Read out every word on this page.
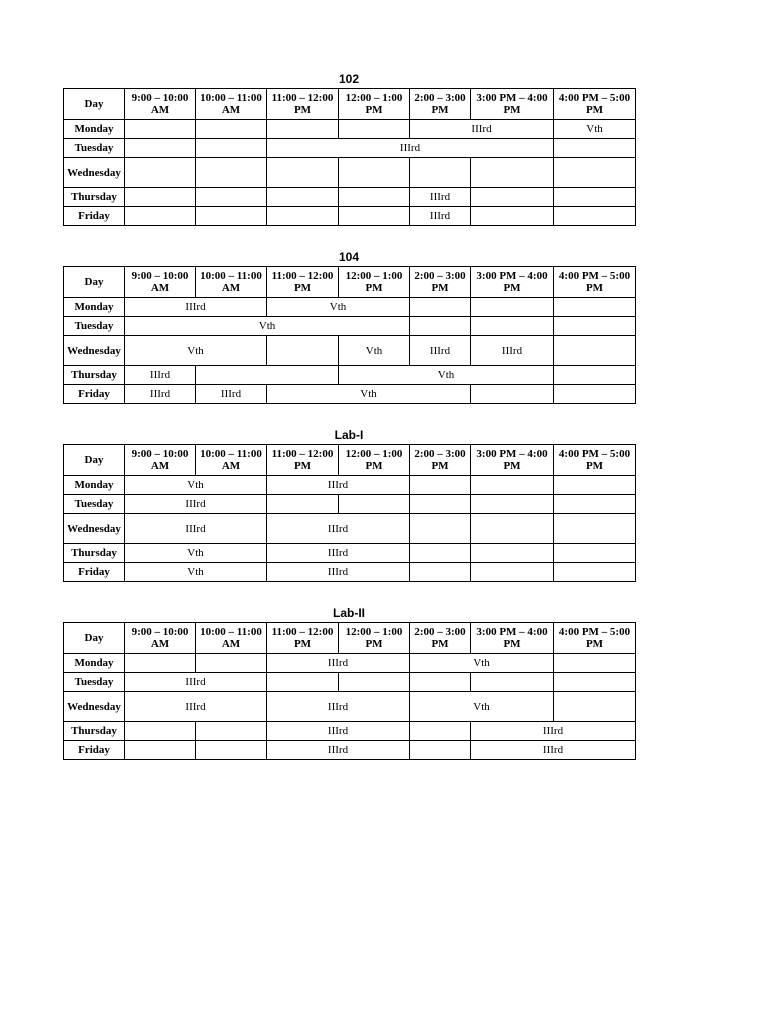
102
Day	9:00 – 10:00 AM	10:00 – 11:00 AM	11:00 – 12:00 PM	12:00 – 1:00 PM	2:00 – 3:00 PM	3:00 PM – 4:00 PM	4:00 PM – 5:00 PM
Monday					IIIrd		Vth
Tuesday			IIIrd				
Wednesday							
Thursday					IIIrd		
Friday					IIIrd		
104
Day	9:00 – 10:00 AM	10:00 – 11:00 AM	11:00 – 12:00 PM	12:00 – 1:00 PM	2:00 – 3:00 PM	3:00 PM – 4:00 PM	4:00 PM – 5:00 PM
Monday	IIIrd		Vth				
Tuesday	Vth						
Wednesday	Vth			Vth	IIIrd	IIIrd	
Thursday	IIIrd			Vth			
Friday	IIIrd	IIIrd	Vth				
Lab-I
Day	9:00 – 10:00 AM	10:00 – 11:00 AM	11:00 – 12:00 PM	12:00 – 1:00 PM	2:00 – 3:00 PM	3:00 PM – 4:00 PM	4:00 PM – 5:00 PM
Monday	Vth		IIIrd				
Tuesday	IIIrd						
Wednesday	IIIrd		IIIrd				
Thursday	Vth		IIIrd				
Friday	Vth		IIIrd				
Lab-II
Day	9:00 – 10:00 AM	10:00 – 11:00 AM	11:00 – 12:00 PM	12:00 – 1:00 PM	2:00 – 3:00 PM	3:00 PM – 4:00 PM	4:00 PM – 5:00 PM
Monday			IIIrd		Vth		
Tuesday	IIIrd						
Wednesday	IIIrd		IIIrd		Vth		
Thursday			IIIrd			IIIrd	
Friday			IIIrd			IIIrd	
